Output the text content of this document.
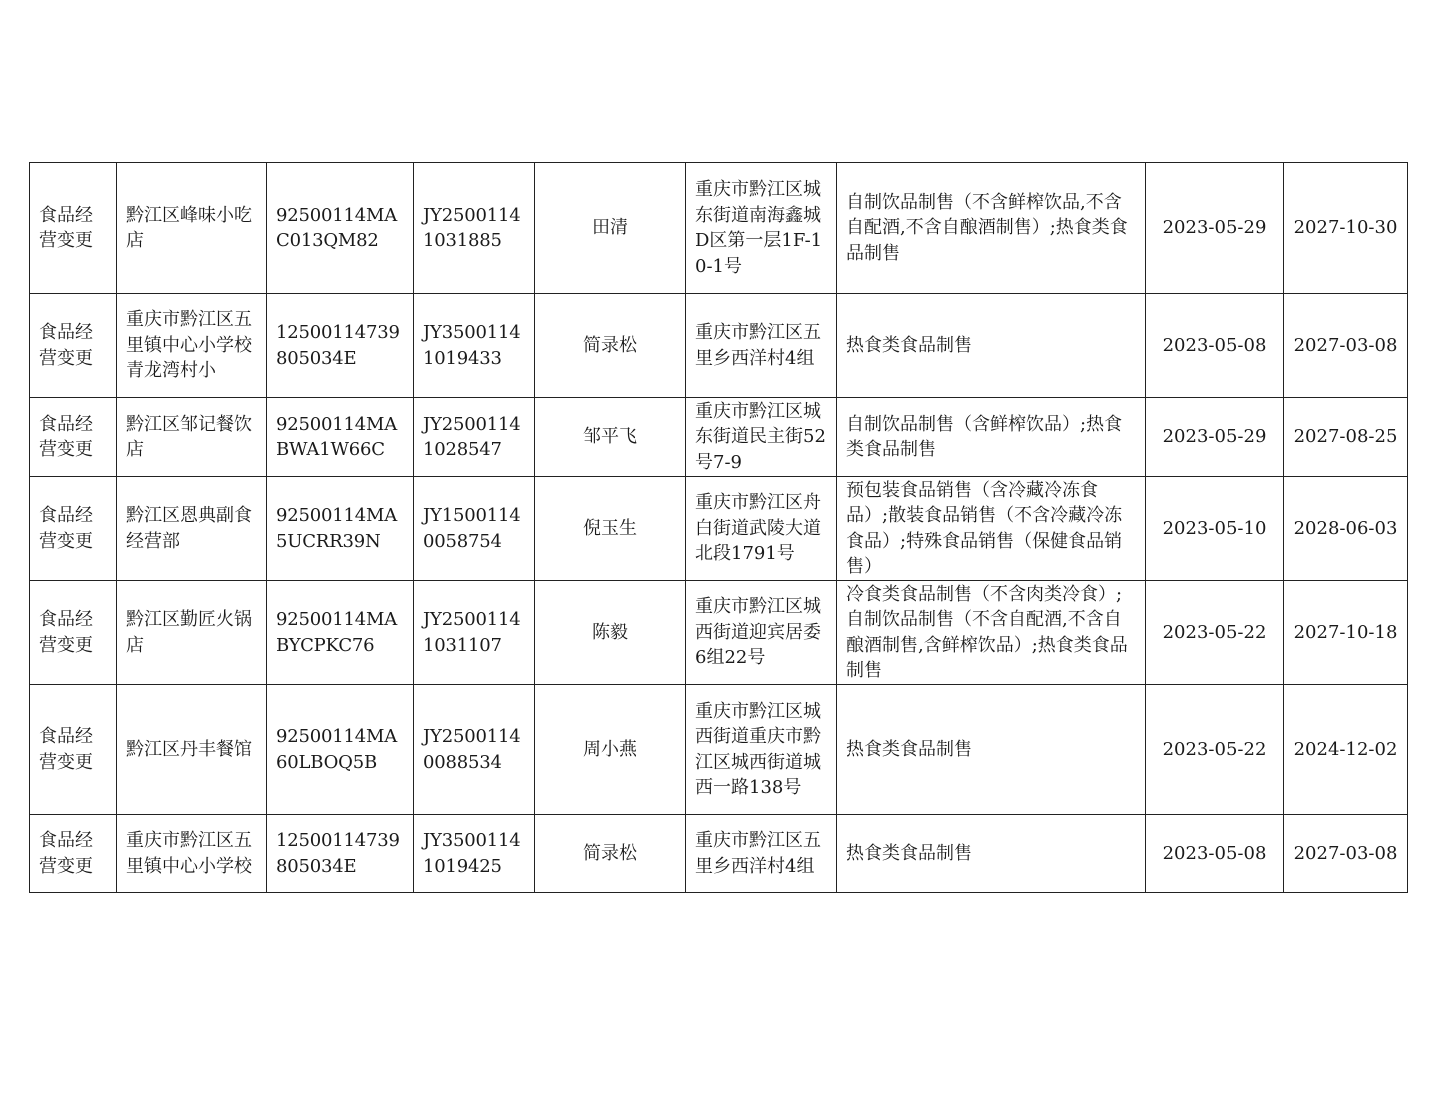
食品经营变更	黔江区峰味小吃店	92500114MAC013QM82	JY25001141031885	田清	重庆市黔江区城东街道南海鑫城D区第一层1F-10-1号	自制饮品制售（不含鲜榨饮品,不含自配酒,不含自酿酒制售）;热食类食品制售	2023-05-29	2027-10-30
食品经营变更	重庆市黔江区五里镇中心小学校青龙湾村小	12500114739805034E	JY35001141019433	简录松	重庆市黔江区五里乡西洋村4组	热食类食品制售	2023-05-08	2027-03-08
食品经营变更	黔江区邹记餐饮店	92500114MABWA1W66C	JY25001141028547	邹平飞	重庆市黔江区城东街道民主街52号7-9	自制饮品制售（含鲜榨饮品）;热食类食品制售	2023-05-29	2027-08-25
食品经营变更	黔江区恩典副食经营部	92500114MA5UCRR39N	JY15001140058754	倪玉生	重庆市黔江区舟白街道武陵大道北段1791号	预包装食品销售（含冷藏冷冻食品）;散装食品销售（不含冷藏冷冻食品）;特殊食品销售（保健食品销售）	2023-05-10	2028-06-03
食品经营变更	黔江区勤匠火锅店	92500114MABYCPKC76	JY25001141031107	陈毅	重庆市黔江区城西街道迎宾居委6组22号	冷食类食品制售（不含肉类冷食）;自制饮品制售（不含自配酒,不含自酿酒制售,含鲜榨饮品）;热食类食品制售	2023-05-22	2027-10-18
食品经营变更	黔江区丹丰餐馆	92500114MA60LBOQ5B	JY25001140088534	周小燕	重庆市黔江区城西街道重庆市黔江区城西街道城西一路138号	热食类食品制售	2023-05-22	2024-12-02
食品经营变更	重庆市黔江区五里镇中心小学校	12500114739805034E	JY35001141019425	简录松	重庆市黔江区五里乡西洋村4组	热食类食品制售	2023-05-08	2027-03-08
